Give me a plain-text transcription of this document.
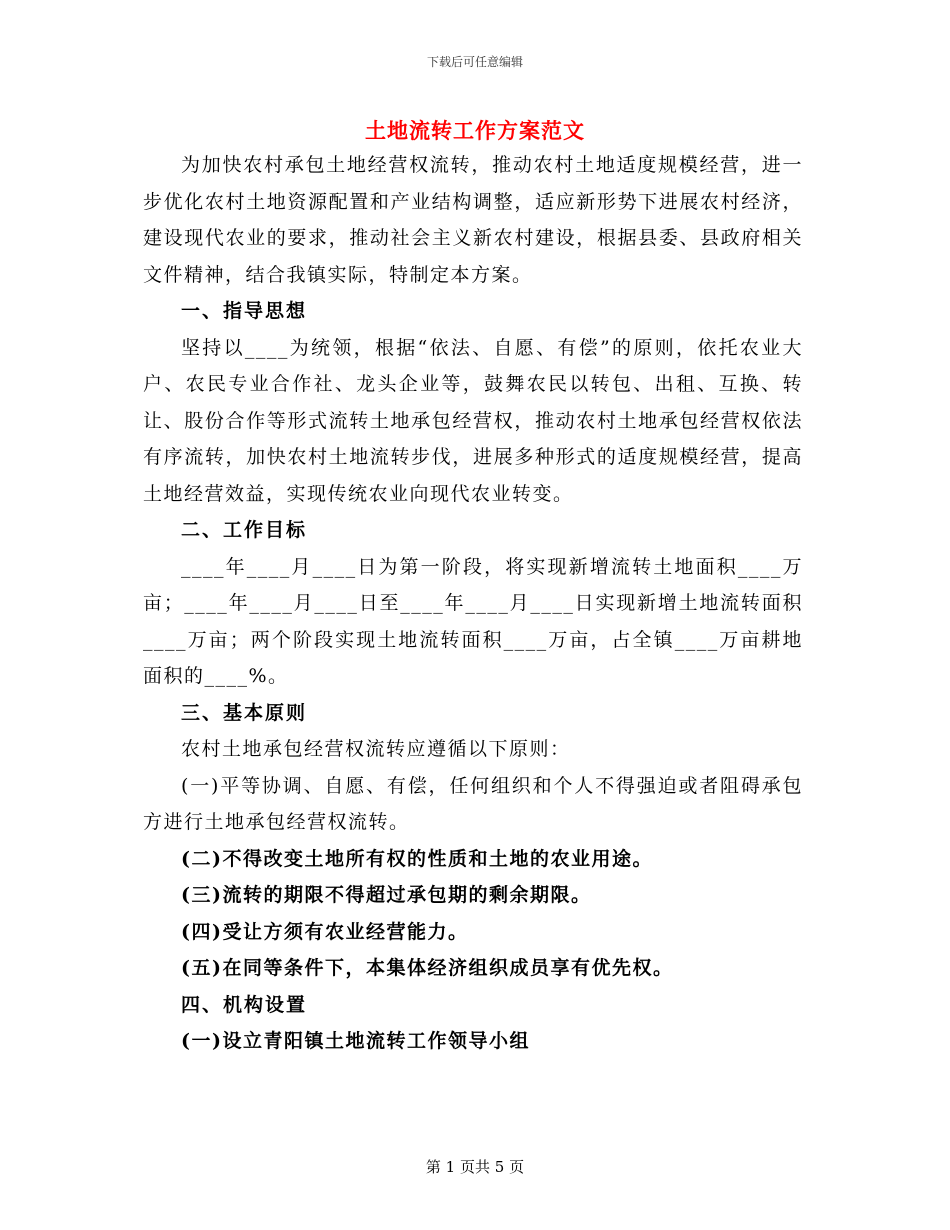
下载后可任意编辑
土地流转工作方案范文

为加快农村承包土地经营权流转，推动农村土地适度规模经营，进一步优化农村土地资源配置和产业结构调整，适应新形势下进展农村经济，建设现代农业的要求，推动社会主义新农村建设，根据县委、县政府相关文件精神，结合我镇实际，特制定本方案。

一、指导思想

坚持以____为统领，根据“依法、自愿、有偿”的原则，依托农业大户、农民专业合作社、龙头企业等，鼓舞农民以转包、出租、互换、转让、股份合作等形式流转土地承包经营权，推动农村土地承包经营权依法有序流转，加快农村土地流转步伐，进展多种形式的适度规模经营，提高土地经营效益，实现传统农业向现代农业转变。

二、工作目标

____年____月____日为第一阶段，将实现新增流转土地面积____万亩；____年____月____日至____年____月____日实现新增土地流转面积____万亩；两个阶段实现土地流转面积____万亩，占全镇____万亩耕地面积的____%。

三、基本原则

农村土地承包经营权流转应遵循以下原则：

(一)平等协调、自愿、有偿，任何组织和个人不得强迫或者阻碍承包方进行土地承包经营权流转。

(二)不得改变土地所有权的性质和土地的农业用途。

(三)流转的期限不得超过承包期的剩余期限。

(四)受让方须有农业经营能力。

(五)在同等条件下，本集体经济组织成员享有优先权。

四、机构设置

(一)设立青阳镇土地流转工作领导小组

第 1 页共 5 页
